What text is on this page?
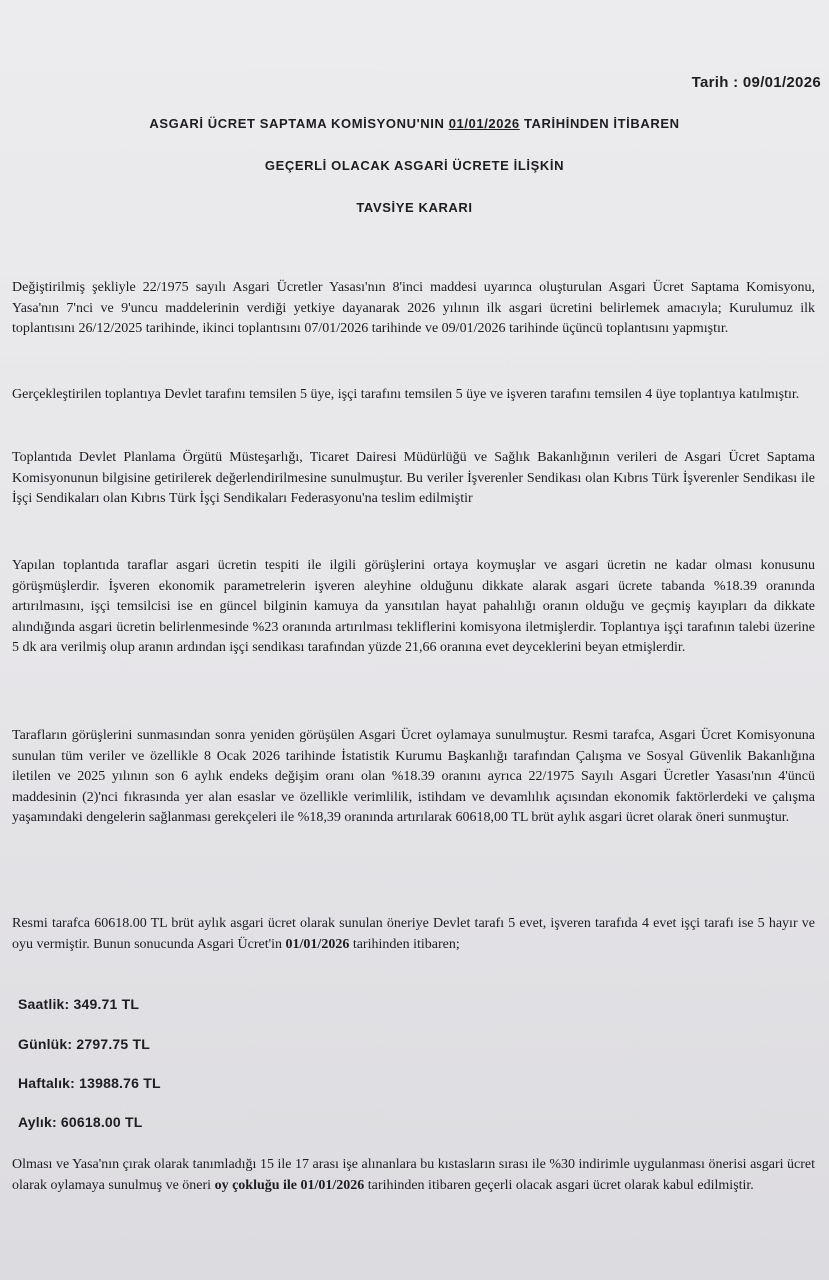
Tarih : 09/01/2026
ASGARİ ÜCRET SAPTAMA KOMİSYONU'NIN 01/01/2026 TARİHİNDEN İTİBAREN
GEÇERLİ OLACAK ASGARİ ÜCRETE İLİŞKİN
TAVSİYE KARARI
Değiştirilmiş şekliyle 22/1975 sayılı Asgari Ücretler Yasası'nın 8'inci maddesi uyarınca oluşturulan Asgari Ücret Saptama Komisyonu, Yasa'nın 7'nci ve 9'uncu maddelerinin verdiği yetkiye dayanarak 2026 yılının ilk asgari ücretini belirlemek amacıyla; Kurulumuz ilk toplantısını 26/12/2025 tarihinde, ikinci toplantısını 07/01/2026 tarihinde ve 09/01/2026 tarihinde üçüncü toplantısını yapmıştır.
Gerçekleştirilen toplantıya Devlet tarafını temsilen 5 üye, işçi tarafını temsilen 5 üye ve işveren tarafını temsilen 4 üye toplantıya katılmıştır.
Toplantıda Devlet Planlama Örgütü Müsteşarlığı, Ticaret Dairesi Müdürlüğü ve Sağlık Bakanlığının verileri de Asgari Ücret Saptama Komisyonunun bilgisine getirilerek değerlendirilmesine sunulmuştur. Bu veriler İşverenler Sendikası olan Kıbrıs Türk İşverenler Sendikası ile İşçi Sendikaları olan Kıbrıs Türk İşçi Sendikaları Federasyonu'na teslim edilmiştir
Yapılan toplantıda taraflar asgari ücretin tespiti ile ilgili görüşlerini ortaya koymuşlar ve asgari ücretin ne kadar olması konusunu görüşmüşlerdir. İşveren ekonomik parametrelerin işveren aleyhine olduğunu dikkate alarak asgari ücrete tabanda %18.39 oranında artırılmasını, işçi temsilcisi ise en güncel bilginin kamuya da yansıtılan hayat pahalılığı oranın olduğu ve geçmiş kayıpları da dikkate alındığında asgari ücretin belirlenmesinde %23 oranında artırılması tekliflerini komisyona iletmişlerdir. Toplantıya işçi tarafının talebi üzerine 5 dk ara verilmiş olup aranın ardından işçi sendikası tarafından yüzde 21,66 oranına evet deyceklerini beyan etmişlerdir.
Tarafların görüşlerini sunmasından sonra yeniden görüşülen Asgari Ücret oylamaya sunulmuştur. Resmi tarafca, Asgari Ücret Komisyonuna sunulan tüm veriler ve özellikle 8 Ocak 2026 tarihinde İstatistik Kurumu Başkanlığı tarafından Çalışma ve Sosyal Güvenlik Bakanlığına iletilen ve 2025 yılının son 6 aylık endeks değişim oranı olan %18.39 oranını ayrıca 22/1975 Sayılı Asgari Ücretler Yasası'nın 4'üncü maddesinin (2)'nci fıkrasında yer alan esaslar ve özellikle verimlilik, istihdam ve devamlılık açısından ekonomik faktörlerdeki ve çalışma yaşamındaki dengelerin sağlanması gerekçeleri ile %18,39 oranında artırılarak 60618,00 TL brüt aylık asgari ücret olarak öneri sunmuştur.
Resmi tarafca 60618.00 TL brüt aylık asgari ücret olarak sunulan öneriye Devlet tarafı 5 evet, işveren tarafıda 4 evet işçi tarafı ise 5 hayır ve oyu vermiştir. Bunun sonucunda Asgari Ücret'in 01/01/2026 tarihinden itibaren;
Saatlik: 349.71 TL
Günlük: 2797.75 TL
Haftalık: 13988.76 TL
Aylık: 60618.00 TL
Olması ve Yasa'nın çırak olarak tanımladığı 15 ile 17 arası işe alınanlara bu kıstasların sırası ile %30 indirimle uygulanması önerisi asgari ücret olarak oylamaya sunulmuş ve öneri oy çokluğu ile 01/01/2026 tarihinden itibaren geçerli olacak asgari ücret olarak kabul edilmiştir.
